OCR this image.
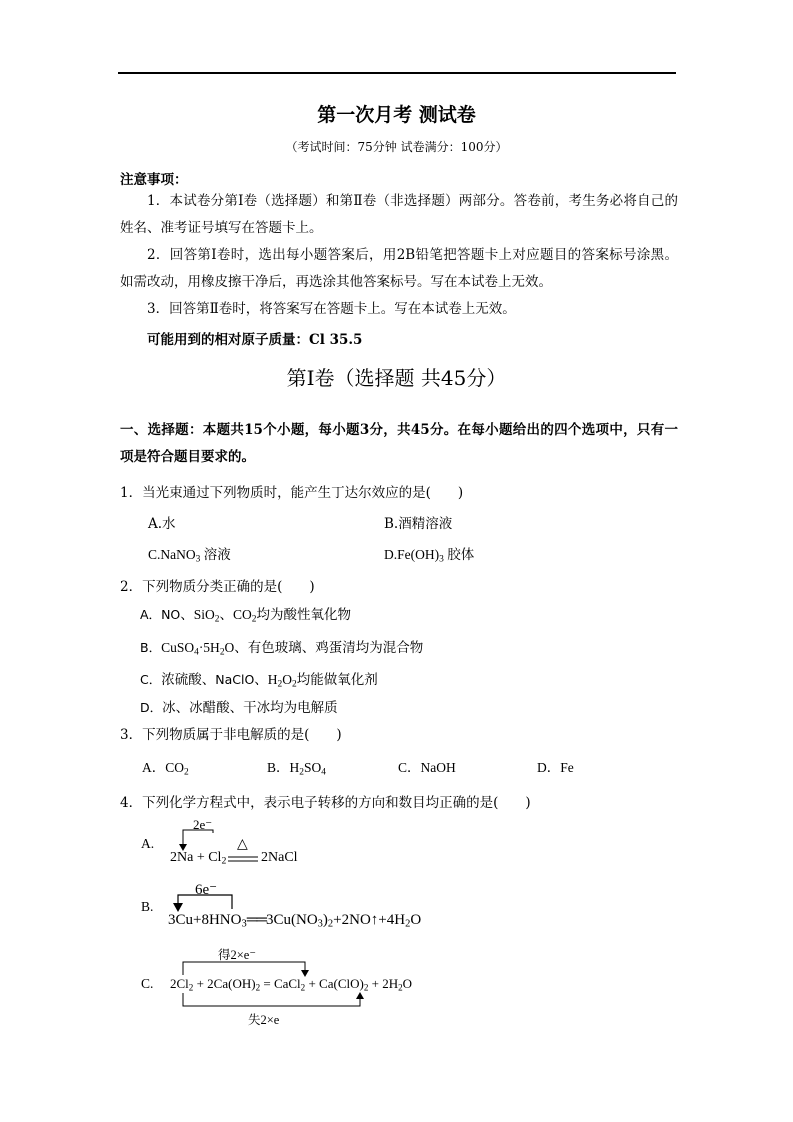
第一次月考 测试卷
（考试时间：75分钟 试卷满分：100分）
注意事项：
1．本试卷分第Ⅰ卷（选择题）和第Ⅱ卷（非选择题）两部分。答卷前，考生务必将自己的姓名、准考证号填写在答题卡上。
2．回答第Ⅰ卷时，选出每小题答案后，用2B铅笔把答题卡上对应题目的答案标号涂黑。如需改动，用橡皮擦干净后，再选涂其他答案标号。写在本试卷上无效。
3．回答第Ⅱ卷时，将答案写在答题卡上。写在本试卷上无效。
可能用到的相对原子质量：Cl 35.5
第Ⅰ卷（选择题 共45分）
一、选择题：本题共15个小题，每小题3分，共45分。在每小题给出的四个选项中，只有一项是符合题目要求的。
1．当光束通过下列物质时，能产生丁达尔效应的是(　　)
A.水	B.酒精溶液
C.NaNO$_3$ 溶液	$D.Fe(OH)_3$ 胶体
2．下列物质分类正确的是(　　)
A．NO、SiO$_2$、$CO_2$均为酸性氧化物
B．$CuSO_4\cdot 5H_2O$、有色玻璃、鸡蛋清均为混合物
C．浓硫酸、NaClO、$H_2O_2$均能做氧化剂
D．冰、冰醋酸、干冰均为电解质
3．下列物质属于非电解质的是(　　)
A．$CO_2$	B．$H_2SO_4$	C．NaOH	D．Fe
4．下列化学方程式中，表示电子转移的方向和数目均正确的是(　　)
A.
2e⁻
△
$2Na + Cl_2$ 2NaCl
B.
6e⁻
$3Cu+8HNO_3══3Cu(NO_3)_2+2NO↑+4H_2O$
C.
得2×e⁻
$2Cl_2 + 2Ca(OH)_2$ = CaCl$_2$ + $Ca(ClO)_2 + 2H_2O$
失2×e
